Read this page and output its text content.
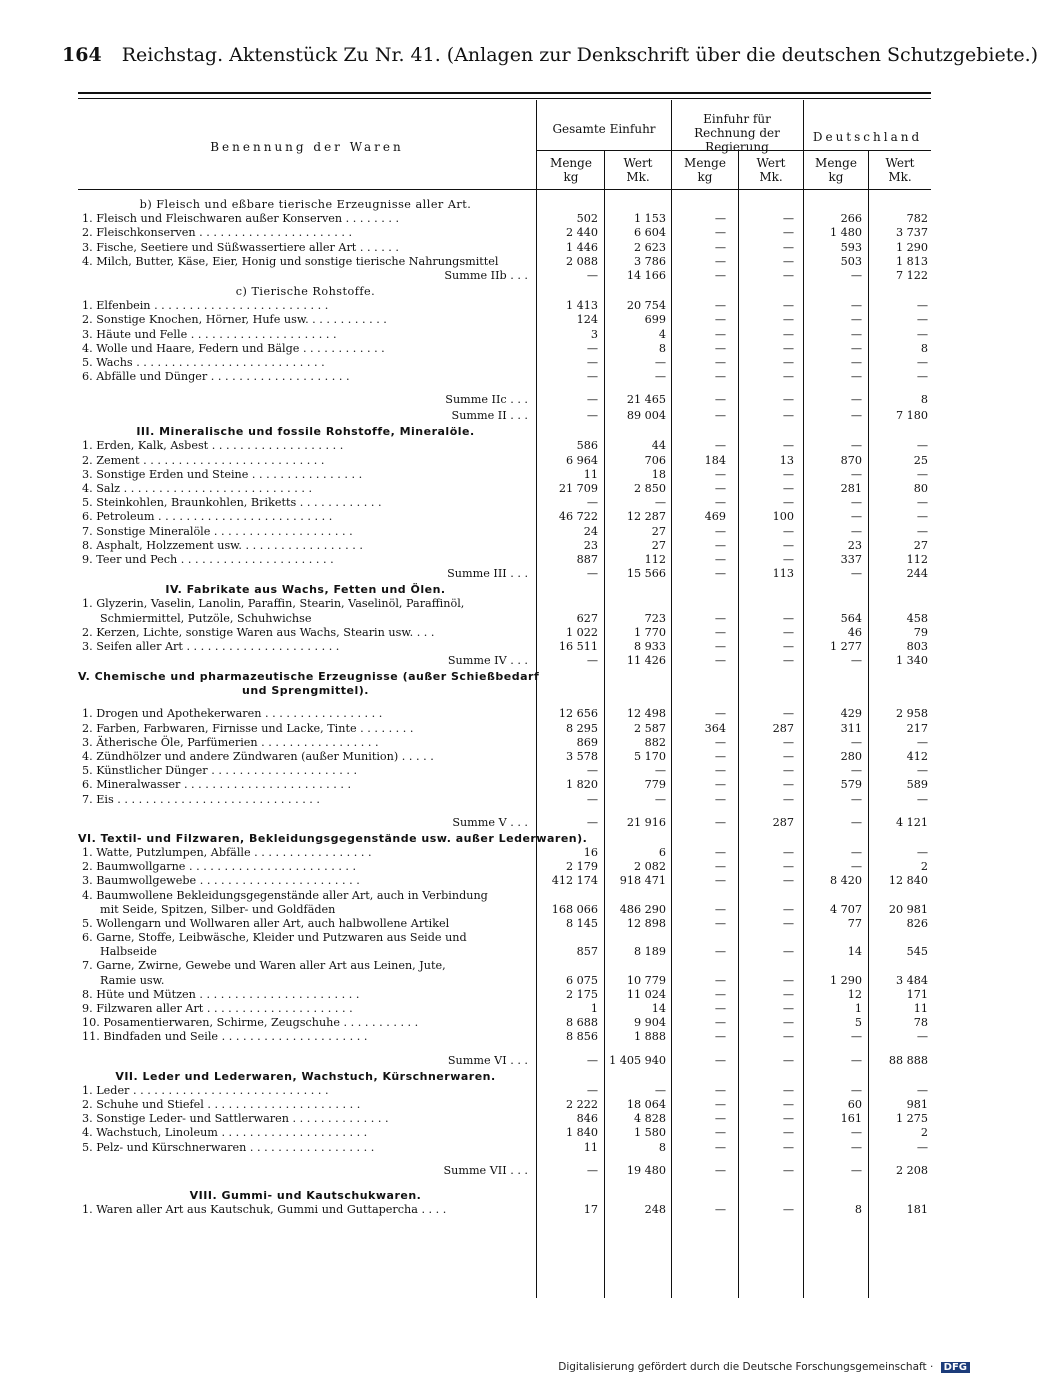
164 Reichstag. Aktenstück Zu Nr. 41. (Anlagen zur Denkschrift über die deutschen Schutzgebiete.)
Benennung der Waren
Gesamte Einfuhr
Einfuhr für Rechnung der Regierung
Deutschland
Menge
kg
Wert
Mk.
Menge
kg
Wert
Mk.
Menge
kg
Wert
Mk.
b) Fleisch und eßbare tierische Erzeugnisse aller Art.
1. Fleisch und Fleischwaren außer Konserven . . . . . . . .	502	1 153	—	—	266	782
2. Fleischkonserven . . . . . . . . . . . . . . . . . . . . . .	2 440	6 604	—	—	1 480	3 737
3. Fische, Seetiere und Süßwassertiere aller Art . . . . . .	1 446	2 623	—	—	593	1 290
4. Milch, Butter, Käse, Eier, Honig und sonstige tierische Nahrungsmittel	2 088	3 786	—	—	503	1 813
Summe IIb . . .	—	14 166	—	—	—	7 122
c) Tierische Rohstoffe.
1. Elfenbein . . . . . . . . . . . . . . . . . . . . . . . . .	1 413	20 754	—	—	—	—
2. Sonstige Knochen, Hörner, Hufe usw. . . . . . . . . . . .	124	699	—	—	—	—
3. Häute und Felle . . . . . . . . . . . . . . . . . . . . .	3	4	—	—	—	—
4. Wolle und Haare, Federn und Bälge . . . . . . . . . . . .	—	8	—	—	—	8
5. Wachs . . . . . . . . . . . . . . . . . . . . . . . . . . .	—	—	—	—	—	—
6. Abfälle und Dünger . . . . . . . . . . . . . . . . . . . .	—	—	—	—	—	—
Summe IIc . . .	—	21 465	—	—	—	8
Summe II . . .	—	89 004	—	—	—	7 180
III. Mineralische und fossile Rohstoffe, Mineralöle.
1. Erden, Kalk, Asbest . . . . . . . . . . . . . . . . . . .	586	44	—	—	—	—
2. Zement . . . . . . . . . . . . . . . . . . . . . . . . . .	6 964	706	184	13	870	25
3. Sonstige Erden und Steine . . . . . . . . . . . . . . . .	11	18	—	—	—	—
4. Salz . . . . . . . . . . . . . . . . . . . . . . . . . . .	21 709	2 850	—	—	281	80
5. Steinkohlen, Braunkohlen, Briketts . . . . . . . . . . . .	—	—	—	—	—	—
6. Petroleum . . . . . . . . . . . . . . . . . . . . . . . . .	46 722	12 287	469	100	—	—
7. Sonstige Mineralöle . . . . . . . . . . . . . . . . . . . .	24	27	—	—	—	—
8. Asphalt, Holzzement usw. . . . . . . . . . . . . . . . . .	23	27	—	—	23	27
9. Teer und Pech . . . . . . . . . . . . . . . . . . . . . .	887	112	—	—	337	112
Summe III . . .	—	15 566	—	113	—	244
IV. Fabrikate aus Wachs, Fetten und Ölen.
1. Glyzerin, Vaselin, Lanolin, Paraffin, Stearin, Vaselinöl, Paraffinöl,
Schmiermittel, Putzöle, Schuhwichse	627	723	—	—	564	458
2. Kerzen, Lichte, sonstige Waren aus Wachs, Stearin usw. . . .	1 022	1 770	—	—	46	79
3. Seifen aller Art . . . . . . . . . . . . . . . . . . . . . .	16 511	8 933	—	—	1 277	803
Summe IV . . .	—	11 426	—	—	—	1 340
V. Chemische und pharmazeutische Erzeugnisse (außer Schießbedarf
und Sprengmittel).
1. Drogen und Apothekerwaren . . . . . . . . . . . . . . . . .	12 656	12 498	—	—	429	2 958
2. Farben, Farbwaren, Firnisse und Lacke, Tinte . . . . . . . .	8 295	2 587	364	287	311	217
3. Ätherische Öle, Parfümerien . . . . . . . . . . . . . . . . .	869	882	—	—	—	—
4. Zündhölzer und andere Zündwaren (außer Munition) . . . . .	3 578	5 170	—	—	280	412
5. Künstlicher Dünger . . . . . . . . . . . . . . . . . . . . .	—	—	—	—	—	—
6. Mineralwasser . . . . . . . . . . . . . . . . . . . . . . . .	1 820	779	—	—	579	589
7. Eis . . . . . . . . . . . . . . . . . . . . . . . . . . . . .	—	—	—	—	—	—
Summe V . . .	—	21 916	—	287	—	4 121
VI. Textil- und Filzwaren, Bekleidungsgegenstände usw. außer Lederwaren).
1. Watte, Putzlumpen, Abfälle . . . . . . . . . . . . . . . . .	16	6	—	—	—	—
2. Baumwollgarne . . . . . . . . . . . . . . . . . . . . . . . .	2 179	2 082	—	—	—	2
3. Baumwollgewebe . . . . . . . . . . . . . . . . . . . . . . .	412 174	918 471	—	—	8 420	12 840
4. Baumwollene Bekleidungsgegenstände aller Art, auch in Verbindung
mit Seide, Spitzen, Silber- und Goldfäden	168 066	486 290	—	—	4 707	20 981
5. Wollengarn und Wollwaren aller Art, auch halbwollene Artikel	8 145	12 898	—	—	77	826
6. Garne, Stoffe, Leibwäsche, Kleider und Putzwaren aus Seide und
Halbseide	857	8 189	—	—	14	545
7. Garne, Zwirne, Gewebe und Waren aller Art aus Leinen, Jute,
Ramie usw.	6 075	10 779	—	—	1 290	3 484
8. Hüte und Mützen . . . . . . . . . . . . . . . . . . . . . . .	2 175	11 024	—	—	12	171
9. Filzwaren aller Art . . . . . . . . . . . . . . . . . . . . .	1	14	—	—	1	11
10. Posamentierwaren, Schirme, Zeugschuhe . . . . . . . . . . .	8 688	9 904	—	—	5	78
11. Bindfaden und Seile . . . . . . . . . . . . . . . . . . . . .	8 856	1 888	—	—	—	—
Summe VI . . .	— 1 405 940	—	—	—	88 888
VII. Leder und Lederwaren, Wachstuch, Kürschnerwaren.
1. Leder . . . . . . . . . . . . . . . . . . . . . . . . . . . .	—	—	—	—	—	—
2. Schuhe und Stiefel . . . . . . . . . . . . . . . . . . . . . .	2 222	18 064	—	—	60	981
3. Sonstige Leder- und Sattlerwaren . . . . . . . . . . . . . .	846	4 828	—	—	161	1 275
4. Wachstuch, Linoleum . . . . . . . . . . . . . . . . . . . . .	1 840	1 580	—	—	—	2
5. Pelz- und Kürschnerwaren . . . . . . . . . . . . . . . . . .	11	8	—	—	—	—
Summe VII . . .	—	19 480	—	—	—	2 208
VIII. Gummi- und Kautschukwaren.
1. Waren aller Art aus Kautschuk, Gummi und Guttapercha . . . .	17	248	—	—	8	181
Digitalisierung gefördert durch die Deutsche Forschungsgemeinschaft · DFG
